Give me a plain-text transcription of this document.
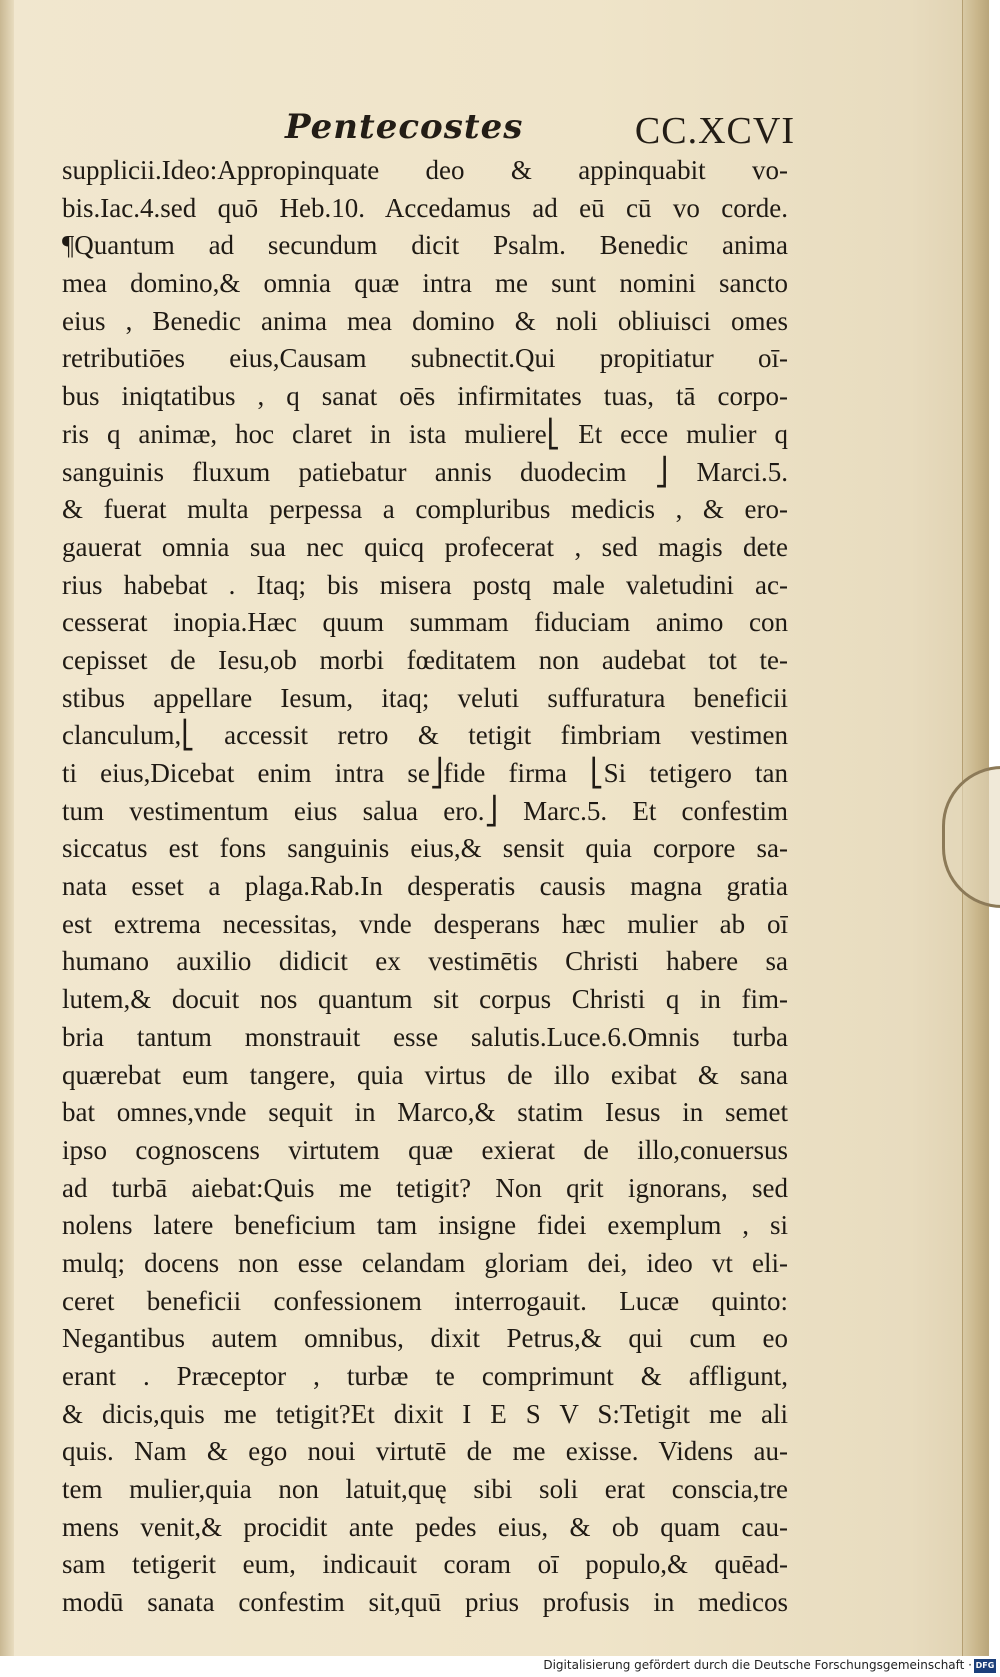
Pentecostes	CC.XCVI
supplicii.Ideo:Appropinquate deo & appinquabit vo-
bis.Iac.4.sed quō Heb.10. Accedamus ad eū cū vo corde.
¶Quantum ad secundum dicit Psalm. Benedic anima
mea domino,& omnia quæ intra me sunt nomini sancto
eius , Benedic anima mea domino & noli obliuisci omes
retributiōes eius,Causam subnectit.Qui propitiatur oī-
bus iniqtatibus , q sanat oēs infirmitates tuas, tā corpo-
ris q animæ, hoc claret in ista muliere⎣ Et ecce mulier q
sanguinis fluxum patiebatur annis duodecim ⎦ Marci.5.
& fuerat multa perpessa a compluribus medicis , & ero-
gauerat omnia sua nec quicq profecerat , sed magis dete
rius habebat . Itaq; bis misera postq male valetudini ac-
cesserat inopia.Hæc quum summam fiduciam animo con
cepisset de Iesu,ob morbi fœditatem non audebat tot te-
stibus appellare Iesum, itaq; veluti suffuratura beneficii
clanculum,⎣ accessit retro & tetigit fimbriam vestimen
ti eius,Dicebat enim intra se⎦fide firma ⎣Si tetigero tan
tum vestimentum eius salua ero.⎦ Marc.5. Et confestim
siccatus est fons sanguinis eius,& sensit quia corpore sa-
nata esset a plaga.Rab.In desperatis causis magna gratia
est extrema necessitas, vnde desperans hæc mulier ab oī
humano auxilio didicit ex vestimētis Christi habere sa
lutem,& docuit nos quantum sit corpus Christi q in fim-
bria tantum monstrauit esse salutis.Luce.6.Omnis turba
quærebat eum tangere, quia virtus de illo exibat & sana
bat omnes,vnde sequit in Marco,& statim Iesus in semet
ipso cognoscens virtutem quæ exierat de illo,conuersus
ad turbā aiebat:Quis me tetigit? Non qrit ignorans, sed
nolens latere beneficium tam insigne fidei exemplum , si
mulq; docens non esse celandam gloriam dei, ideo vt eli-
ceret beneficii confessionem interrogauit. Lucæ quinto:
Negantibus autem omnibus, dixit Petrus,& qui cum eo
erant . Præceptor , turbæ te comprimunt & affligunt,
& dicis,quis me tetigit?Et dixit I E S V S:Tetigit me ali
quis. Nam & ego noui virtutē de me exisse. Videns au-
tem mulier,quia non latuit,quę sibi soli erat conscia,tre
mens venit,& procidit ante pedes eius, & ob quam cau-
sam tetigerit eum, indicauit coram oī populo,& quēad-
modū sanata confestim sit,quū prius profusis in medicos
Digitalisierung gefördert durch die Deutsche Forschungsgemeinschaft · DFG
